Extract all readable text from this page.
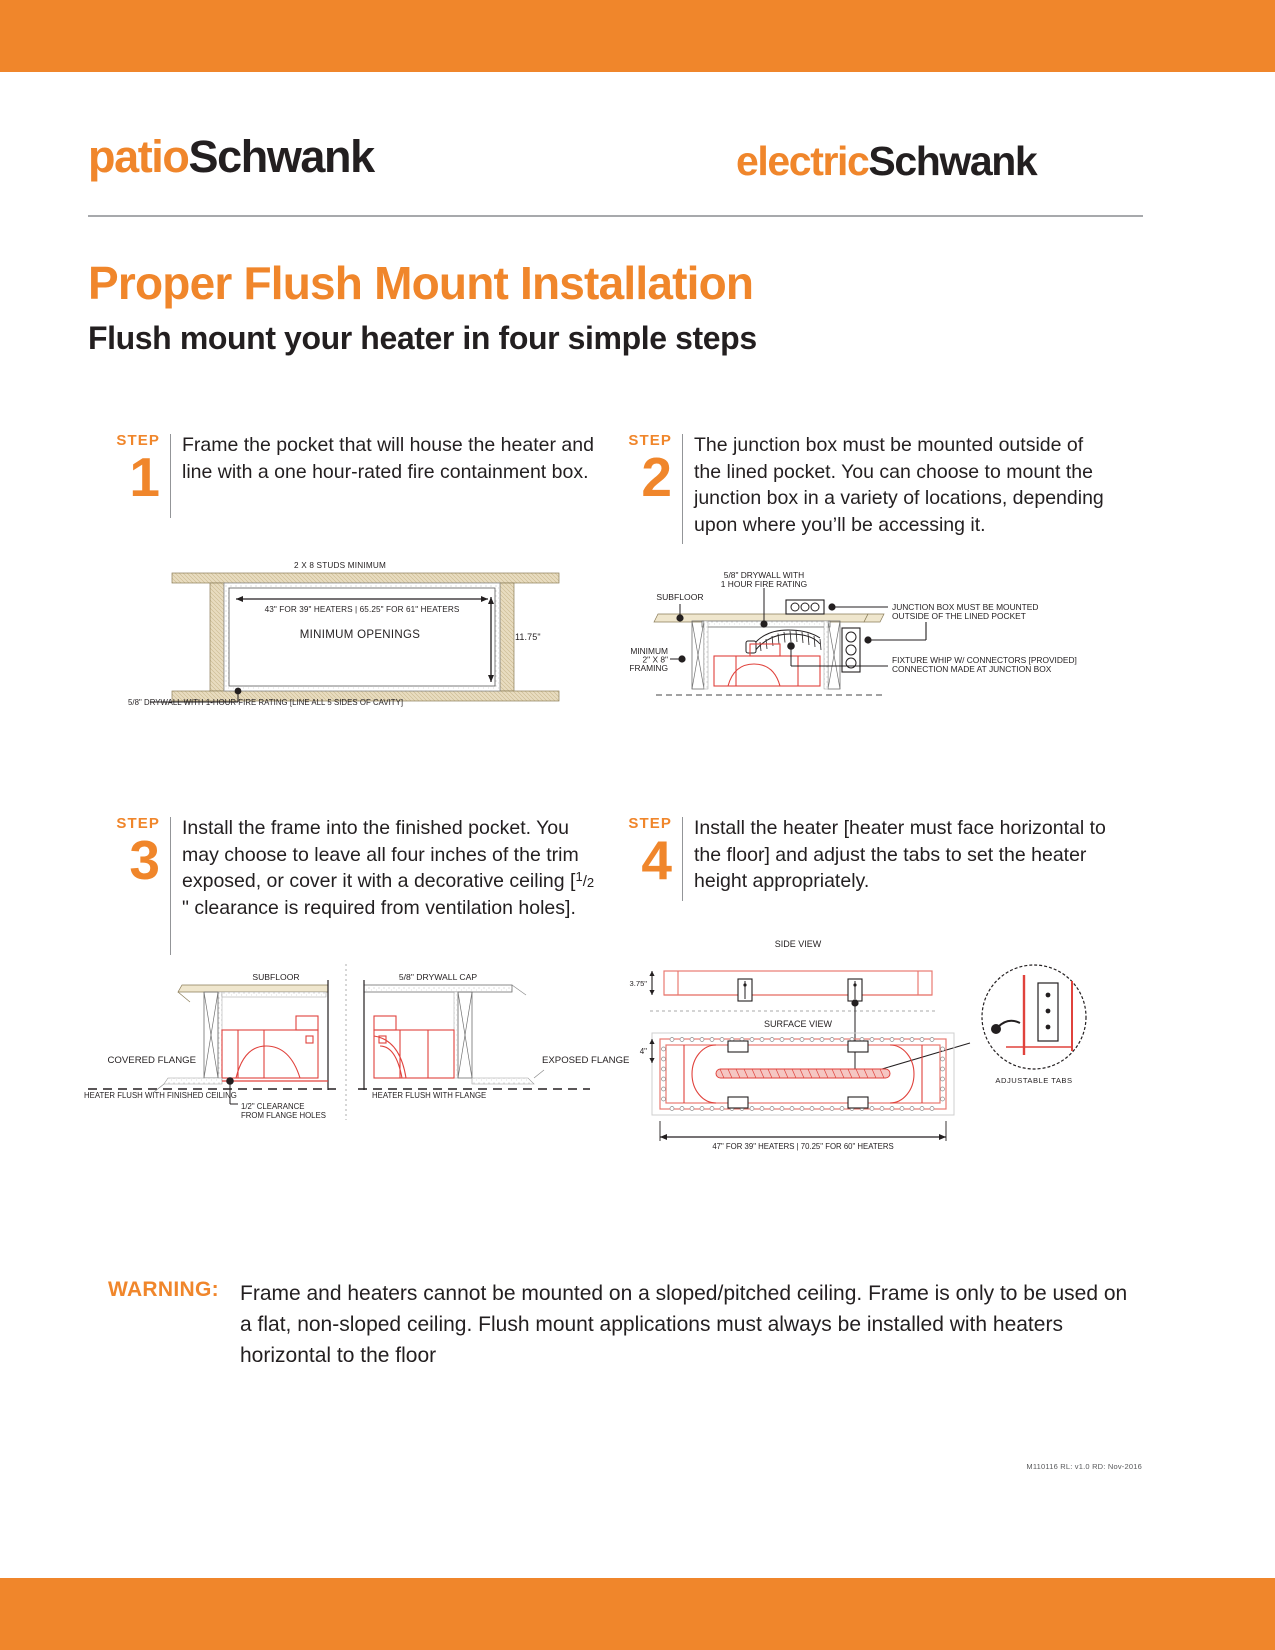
patioSchwank	electricSchwank
Proper Flush Mount Installation
Flush mount your heater in four simple steps
STEP
1
Frame the pocket that will house the heater and line with a one hour-rated fire containment box.
2 X 8 STUDS MINIMUM
43" FOR 39" HEATERS | 65.25" FOR 61" HEATERS
MINIMUM OPENINGS	11.75"
5/8" DRYWALL WITH 1-HOUR FIRE RATING [LINE ALL 5 SIDES OF CAVITY]
STEP
2
The junction box must be mounted outside of the lined pocket. You can choose to mount the junction box in a variety of locations, depending upon where you’ll be accessing it.
5/8" DRYWALL WITH
1 HOUR FIRE RATING
SUBFLOOR
MINIMUM
2" X 8"
FRAMING
JUNCTION BOX MUST BE MOUNTED
OUTSIDE OF THE LINED POCKET
FIXTURE WHIP W/ CONNECTORS [PROVIDED]
CONNECTION MADE AT JUNCTION BOX
STEP
3
Install the frame into the finished pocket. You may choose to leave all four inches of the trim exposed, or cover it with a decorative ceiling [$^1/_2$" clearance is required from ventilation holes].
SUBFLOOR
COVERED FLANGE
HEATER FLUSH WITH FINISHED CEILING
1/2" CLEARANCE
FROM FLANGE HOLES
5/8" DRYWALL CAP
EXPOSED FLANGE
HEATER FLUSH WITH FLANGE
STEP
4
Install the heater [heater must face horizontal to the floor] and adjust the tabs to set the heater height appropriately.
SIDE VIEW
3.75"
SURFACE VIEW
4"
ADJUSTABLE TABS
47" FOR 39" HEATERS | 70.25" FOR 60" HEATERS
WARNING: Frame and heaters cannot be mounted on a sloped/pitched ceiling. Frame is only to be used on a flat, non-sloped ceiling. Flush mount applications must always be installed with heaters horizontal to the floor
M110116 RL: v1.0 RD: Nov-2016
